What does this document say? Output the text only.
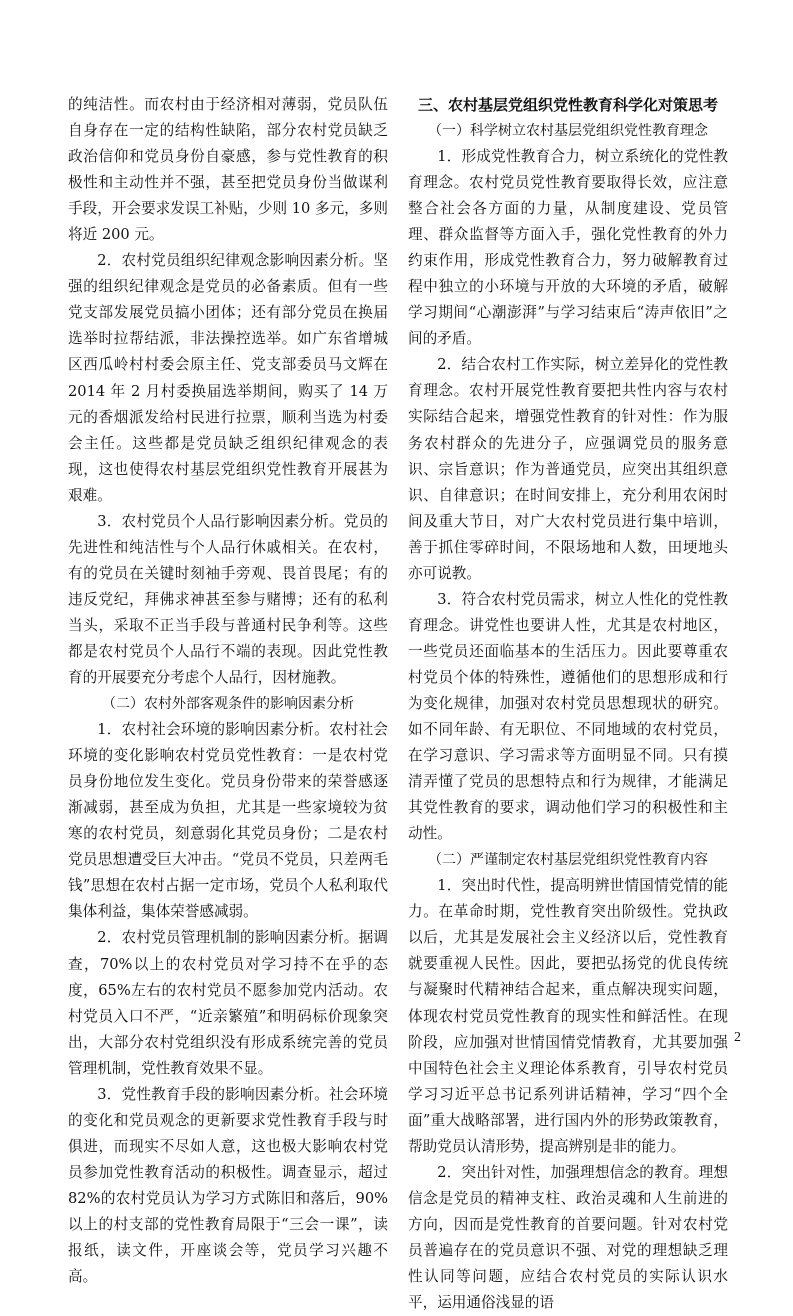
的纯洁性。而农村由于经济相对薄弱，党员队伍自身存在一定的结构性缺陷，部分农村党员缺乏政治信仰和党员身份自豪感，参与党性教育的积极性和主动性并不强，甚至把党员身份当做谋利手段，开会要求发误工补贴，少则 10 多元，多则将近 200 元。

2．农村党员组织纪律观念影响因素分析。坚强的组织纪律观念是党员的必备素质。但有一些党支部发展党员搞小团体；还有部分党员在换届选举时拉帮结派，非法操控选举。如广东省增城区西瓜岭村村委会原主任、党支部委员马文辉在 2014 年 2 月村委换届选举期间，购买了 14 万元的香烟派发给村民进行拉票，顺利当选为村委会主任。这些都是党员缺乏组织纪律观念的表现，这也使得农村基层党组织党性教育开展甚为艰难。

3．农村党员个人品行影响因素分析。党员的先进性和纯洁性与个人品行休戚相关。在农村，有的党员在关键时刻袖手旁观、畏首畏尾；有的违反党纪，拜佛求神甚至参与赌博；还有的私利当头，采取不正当手段与普通村民争利等。这些都是农村党员个人品行不端的表现。因此党性教育的开展要充分考虑个人品行，因材施教。

（二）农村外部客观条件的影响因素分析

1．农村社会环境的影响因素分析。农村社会环境的变化影响农村党员党性教育：一是农村党员身份地位发生变化。党员身份带来的荣誉感逐渐减弱，甚至成为负担，尤其是一些家境较为贫寒的农村党员，刻意弱化其党员身份；二是农村党员思想遭受巨大冲击。“党员不党员，只差两毛钱”思想在农村占据一定市场，党员个人私利取代集体利益，集体荣誉感减弱。

2．农村党员管理机制的影响因素分析。据调查，70%以上的农村党员对学习持不在乎的态度，65%左右的农村党员不愿参加党内活动。农村党员入口不严，“近亲繁殖”和明码标价现象突出，大部分农村党组织没有形成系统完善的党员管理机制，党性教育效果不显。

3．党性教育手段的影响因素分析。社会环境的变化和党员观念的更新要求党性教育手段与时俱进，而现实不尽如人意，这也极大影响农村党员参加党性教育活动的积极性。调查显示，超过 82%的农村党员认为学习方式陈旧和落后，90%以上的村支部的党性教育局限于“三会一课”，读报纸，读文件，开座谈会等，党员学习兴趣不高。

三、农村基层党组织党性教育科学化对策思考
（一）科学树立农村基层党组织党性教育理念

1．形成党性教育合力，树立系统化的党性教育理念。农村党员党性教育要取得长效，应注意整合社会各方面的力量，从制度建设、党员管理、群众监督等方面入手，强化党性教育的外力约束作用，形成党性教育合力，努力破解教育过程中独立的小环境与开放的大环境的矛盾，破解学习期间“心潮澎湃”与学习结束后“涛声依旧”之间的矛盾。

2．结合农村工作实际，树立差异化的党性教育理念。农村开展党性教育要把共性内容与农村实际结合起来，增强党性教育的针对性：作为服务农村群众的先进分子，应强调党员的服务意识、宗旨意识；作为普通党员，应突出其组织意识、自律意识；在时间安排上，充分利用农闲时间及重大节日，对广大农村党员进行集中培训，善于抓住零碎时间，不限场地和人数，田埂地头亦可说教。

3．符合农村党员需求，树立人性化的党性教育理念。讲党性也要讲人性，尤其是农村地区，一些党员还面临基本的生活压力。因此要尊重农村党员个体的特殊性，遵循他们的思想形成和行为变化规律，加强对农村党员思想现状的研究。如不同年龄、有无职位、不同地域的农村党员，在学习意识、学习需求等方面明显不同。只有摸清弄懂了党员的思想特点和行为规律，才能满足其党性教育的要求，调动他们学习的积极性和主动性。

（二）严谨制定农村基层党组织党性教育内容

1．突出时代性，提高明辨世情国情党情的能力。在革命时期，党性教育突出阶级性。党执政以后，尤其是发展社会主义经济以后，党性教育就要重视人民性。因此，要把弘扬党的优良传统与凝聚时代精神结合起来，重点解决现实问题，体现农村党员党性教育的现实性和鲜活性。在现阶段，应加强对世情国情党情教育，尤其要加强中国特色社会主义理论体系教育，引导农村党员学习习近平总书记系列讲话精神，学习“四个全面”重大战略部署，进行国内外的形势政策教育，帮助党员认清形势，提高辨别是非的能力。

2．突出针对性，加强理想信念的教育。理想信念是党员的精神支柱、政治灵魂和人生前进的方向，因而是党性教育的首要问题。针对农村党员普遍存在的党员意识不强、对党的理想缺乏理性认同等问题，应结合农村党员的实际认识水平，运用通俗浅显的语

2
